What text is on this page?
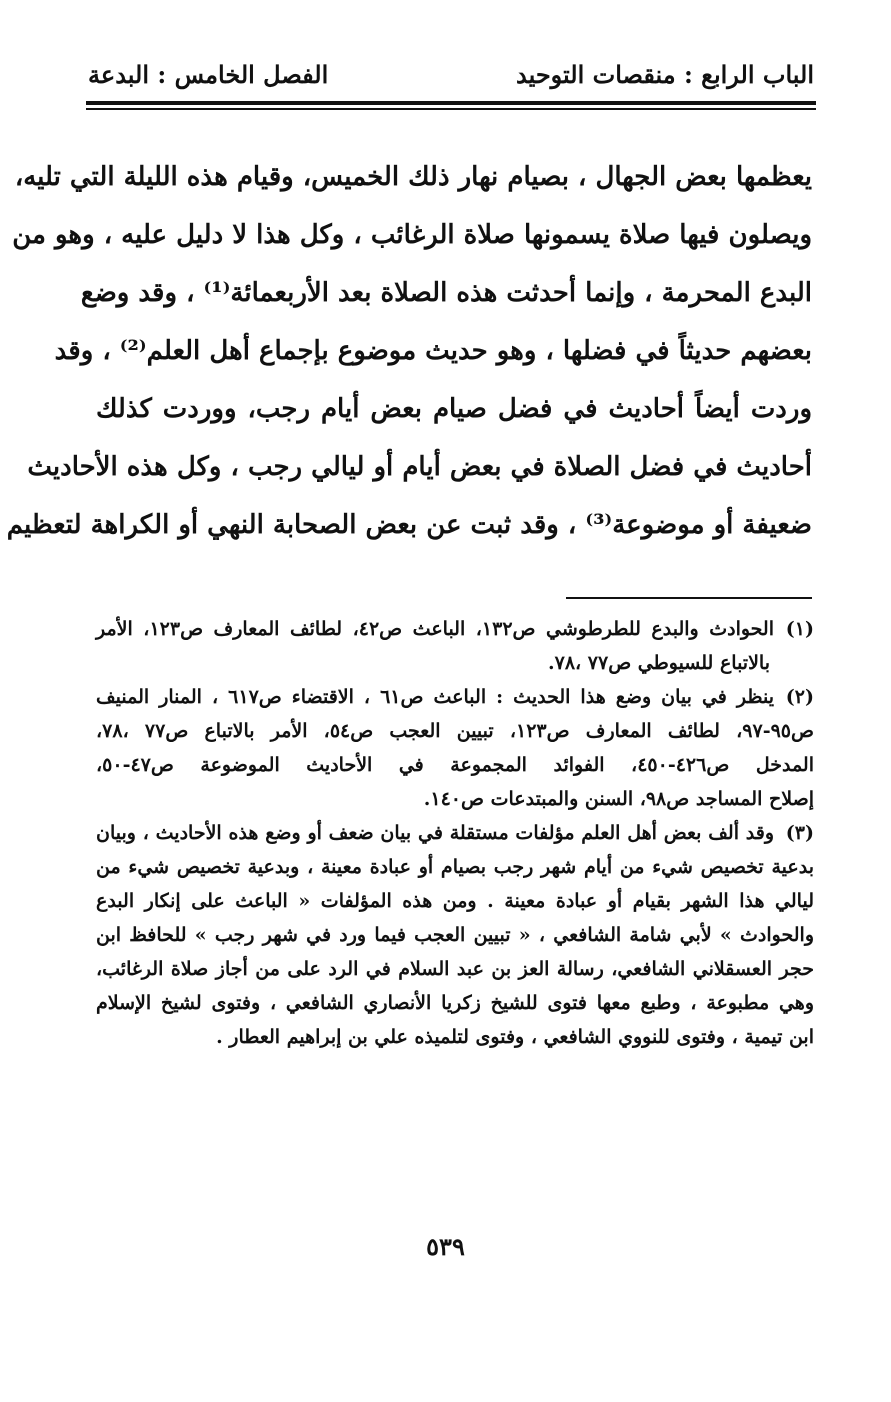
الباب الرابع : منقصات التوحيد
الفصل الخامس : البدعة
يعظمها بعض الجهال ، بصيام نهار ذلك الخميس، وقيام هذه الليلة التي تليه،
ويصلون فيها صلاة يسمونها صلاة الرغائب ، وكل هذا لا دليل عليه ، وهو من
البدع المحرمة ، وإنما أحدثت هذه الصلاة بعد الأربعمائة⁽¹⁾ ، وقد وضع
بعضهم حديثاً في فضلها ، وهو حديث موضوع بإجماع أهل العلم⁽²⁾ ، وقد
وردت أيضاً أحاديث في فضل صيام بعض أيام رجب، ووردت كذلك
أحاديث في فضل الصلاة في بعض أيام أو ليالي رجب ، وكل هذه الأحاديث
ضعيفة أو موضوعة⁽³⁾ ، وقد ثبت عن بعض الصحابة النهي أو الكراهة لتعظيم
(١)الحوادث والبدع للطرطوشي ص١٣٢، الباعث ص٤٢، لطائف المعارف ص١٢٣، الأمر
بالاتباع للسيوطي ص٧٧ ،٧٨.
(٢)ينظر في بيان وضع هذا الحديث : الباعث ص٦١ ، الاقتضاء ص٦١٧ ، المنار المنيف
ص٩٥-٩٧، لطائف المعارف ص١٢٣، تبيين العجب ص٥٤، الأمر بالاتباع ص٧٧ ،٧٨،
المدخل ص٤٢٦-٤٥٠، الفوائد المجموعة في الأحاديث الموضوعة ص٤٧-٥٠،
إصلاح المساجد ص٩٨، السنن والمبتدعات ص١٤٠.
(٣)وقد ألف بعض أهل العلم مؤلفات مستقلة في بيان ضعف أو وضع هذه الأحاديث ، وبيان
بدعية تخصيص شيء من أيام شهر رجب بصيام أو عبادة معينة ، وبدعية تخصيص شيء من
ليالي هذا الشهر بقيام أو عبادة معينة . ومن هذه المؤلفات « الباعث على إنكار البدع
والحوادث » لأبي شامة الشافعي ، « تبيين العجب فيما ورد في شهر رجب » للحافظ ابن
حجر العسقلاني الشافعي، رسالة العز بن عبد السلام في الرد على من أجاز صلاة الرغائب،
وهي مطبوعة ، وطبع معها فتوى للشيخ زكريا الأنصاري الشافعي ، وفتوى لشيخ الإسلام
ابن تيمية ، وفتوى للنووي الشافعي ، وفتوى لتلميذه علي بن إبراهيم العطار .
٥٣٩
